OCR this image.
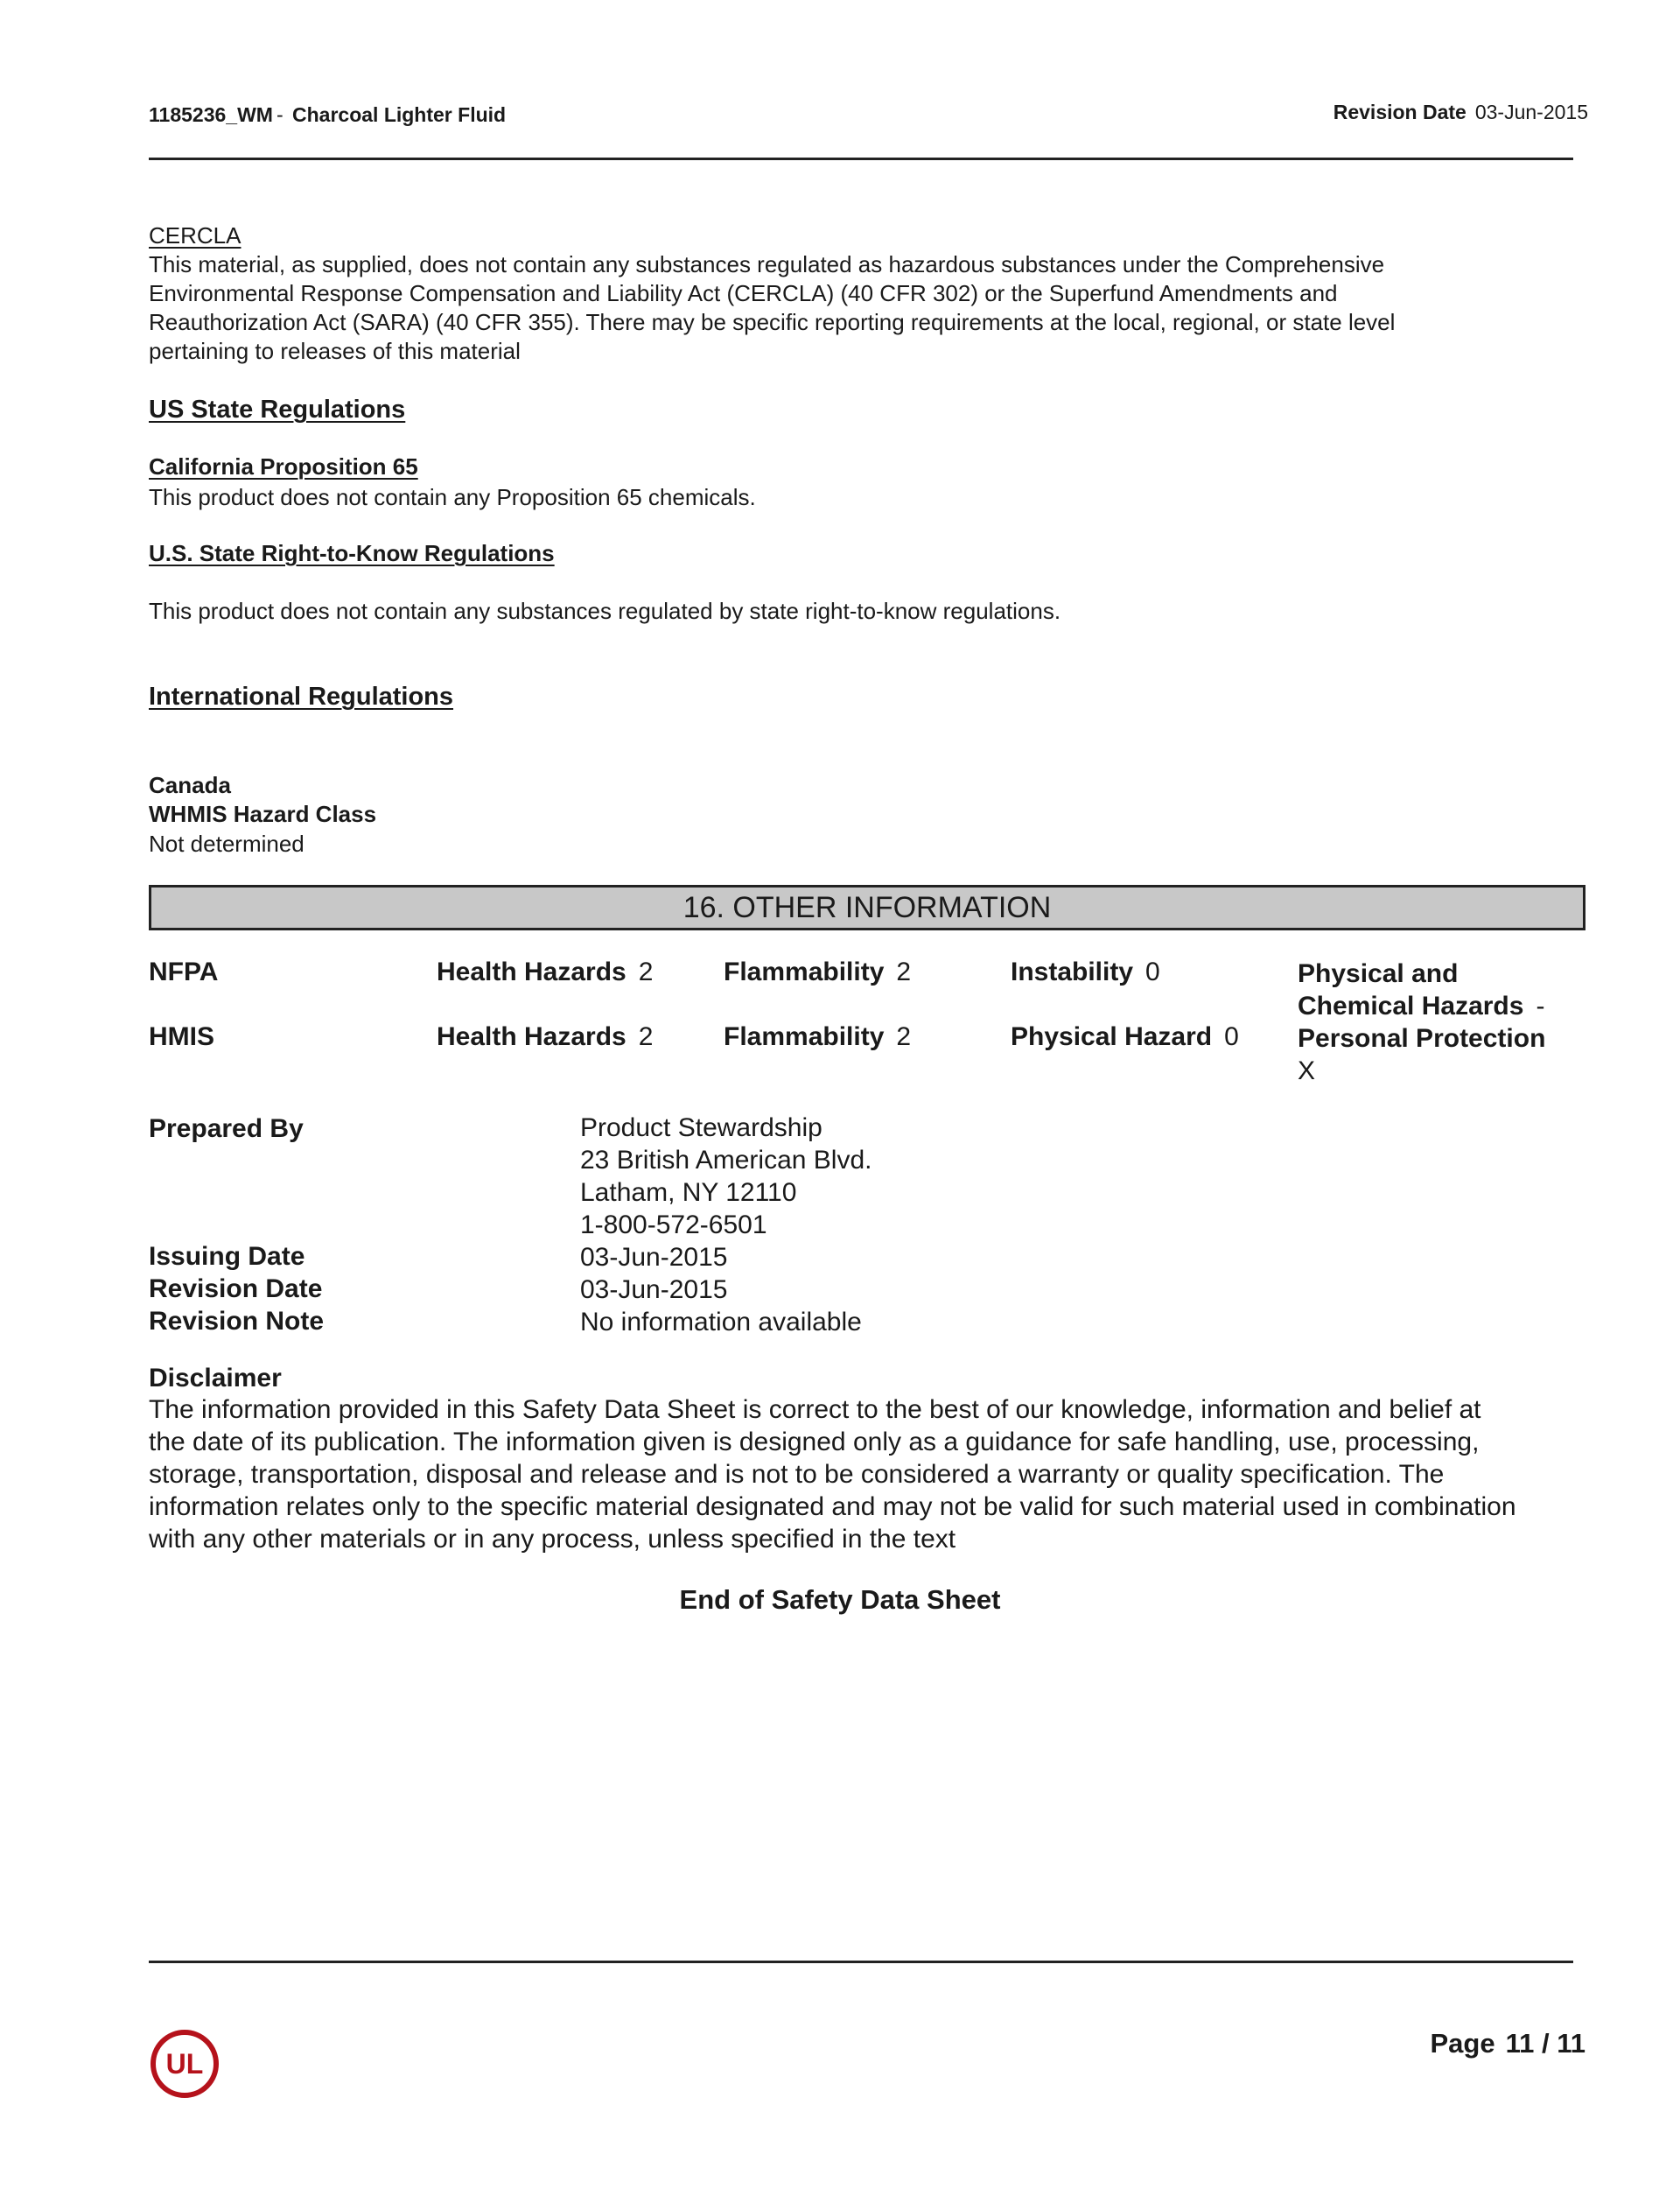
1185236_WM - Charcoal Lighter Fluid	Revision Date 03-Jun-2015
CERCLA
This material, as supplied, does not contain any substances regulated as hazardous substances under the Comprehensive
Environmental Response Compensation and Liability Act (CERCLA) (40 CFR 302) or the Superfund Amendments and
Reauthorization Act (SARA) (40 CFR 355). There may be specific reporting requirements at the local, regional, or state level
pertaining to releases of this material
US State Regulations
California Proposition 65
This product does not contain any Proposition 65 chemicals.
U.S. State Right-to-Know Regulations
This product does not contain any substances regulated by state right-to-know regulations.
International Regulations
Canada
WHMIS Hazard Class
Not determined
16. OTHER INFORMATION
NFPA	Health Hazards 2	Flammability 2	Instability 0	Physical and
Chemical Hazards -
HMIS	Health Hazards 2	Flammability 2	Physical Hazard 0 Personal Protection
X
Prepared By	Product Stewardship
23 British American Blvd.
Latham, NY 12110
1-800-572-6501
Issuing Date	03-Jun-2015
Revision Date	03-Jun-2015
Revision Note	No information available
Disclaimer
The information provided in this Safety Data Sheet is correct to the best of our knowledge, information and belief at
the date of its publication. The information given is designed only as a guidance for safe handling, use, processing,
storage, transportation, disposal and release and is not to be considered a warranty or quality specification. The
information relates only to the specific material designated and may not be valid for such material used in combination
with any other materials or in any process, unless specified in the text
End of Safety Data Sheet
UL
Page 11 / 11
